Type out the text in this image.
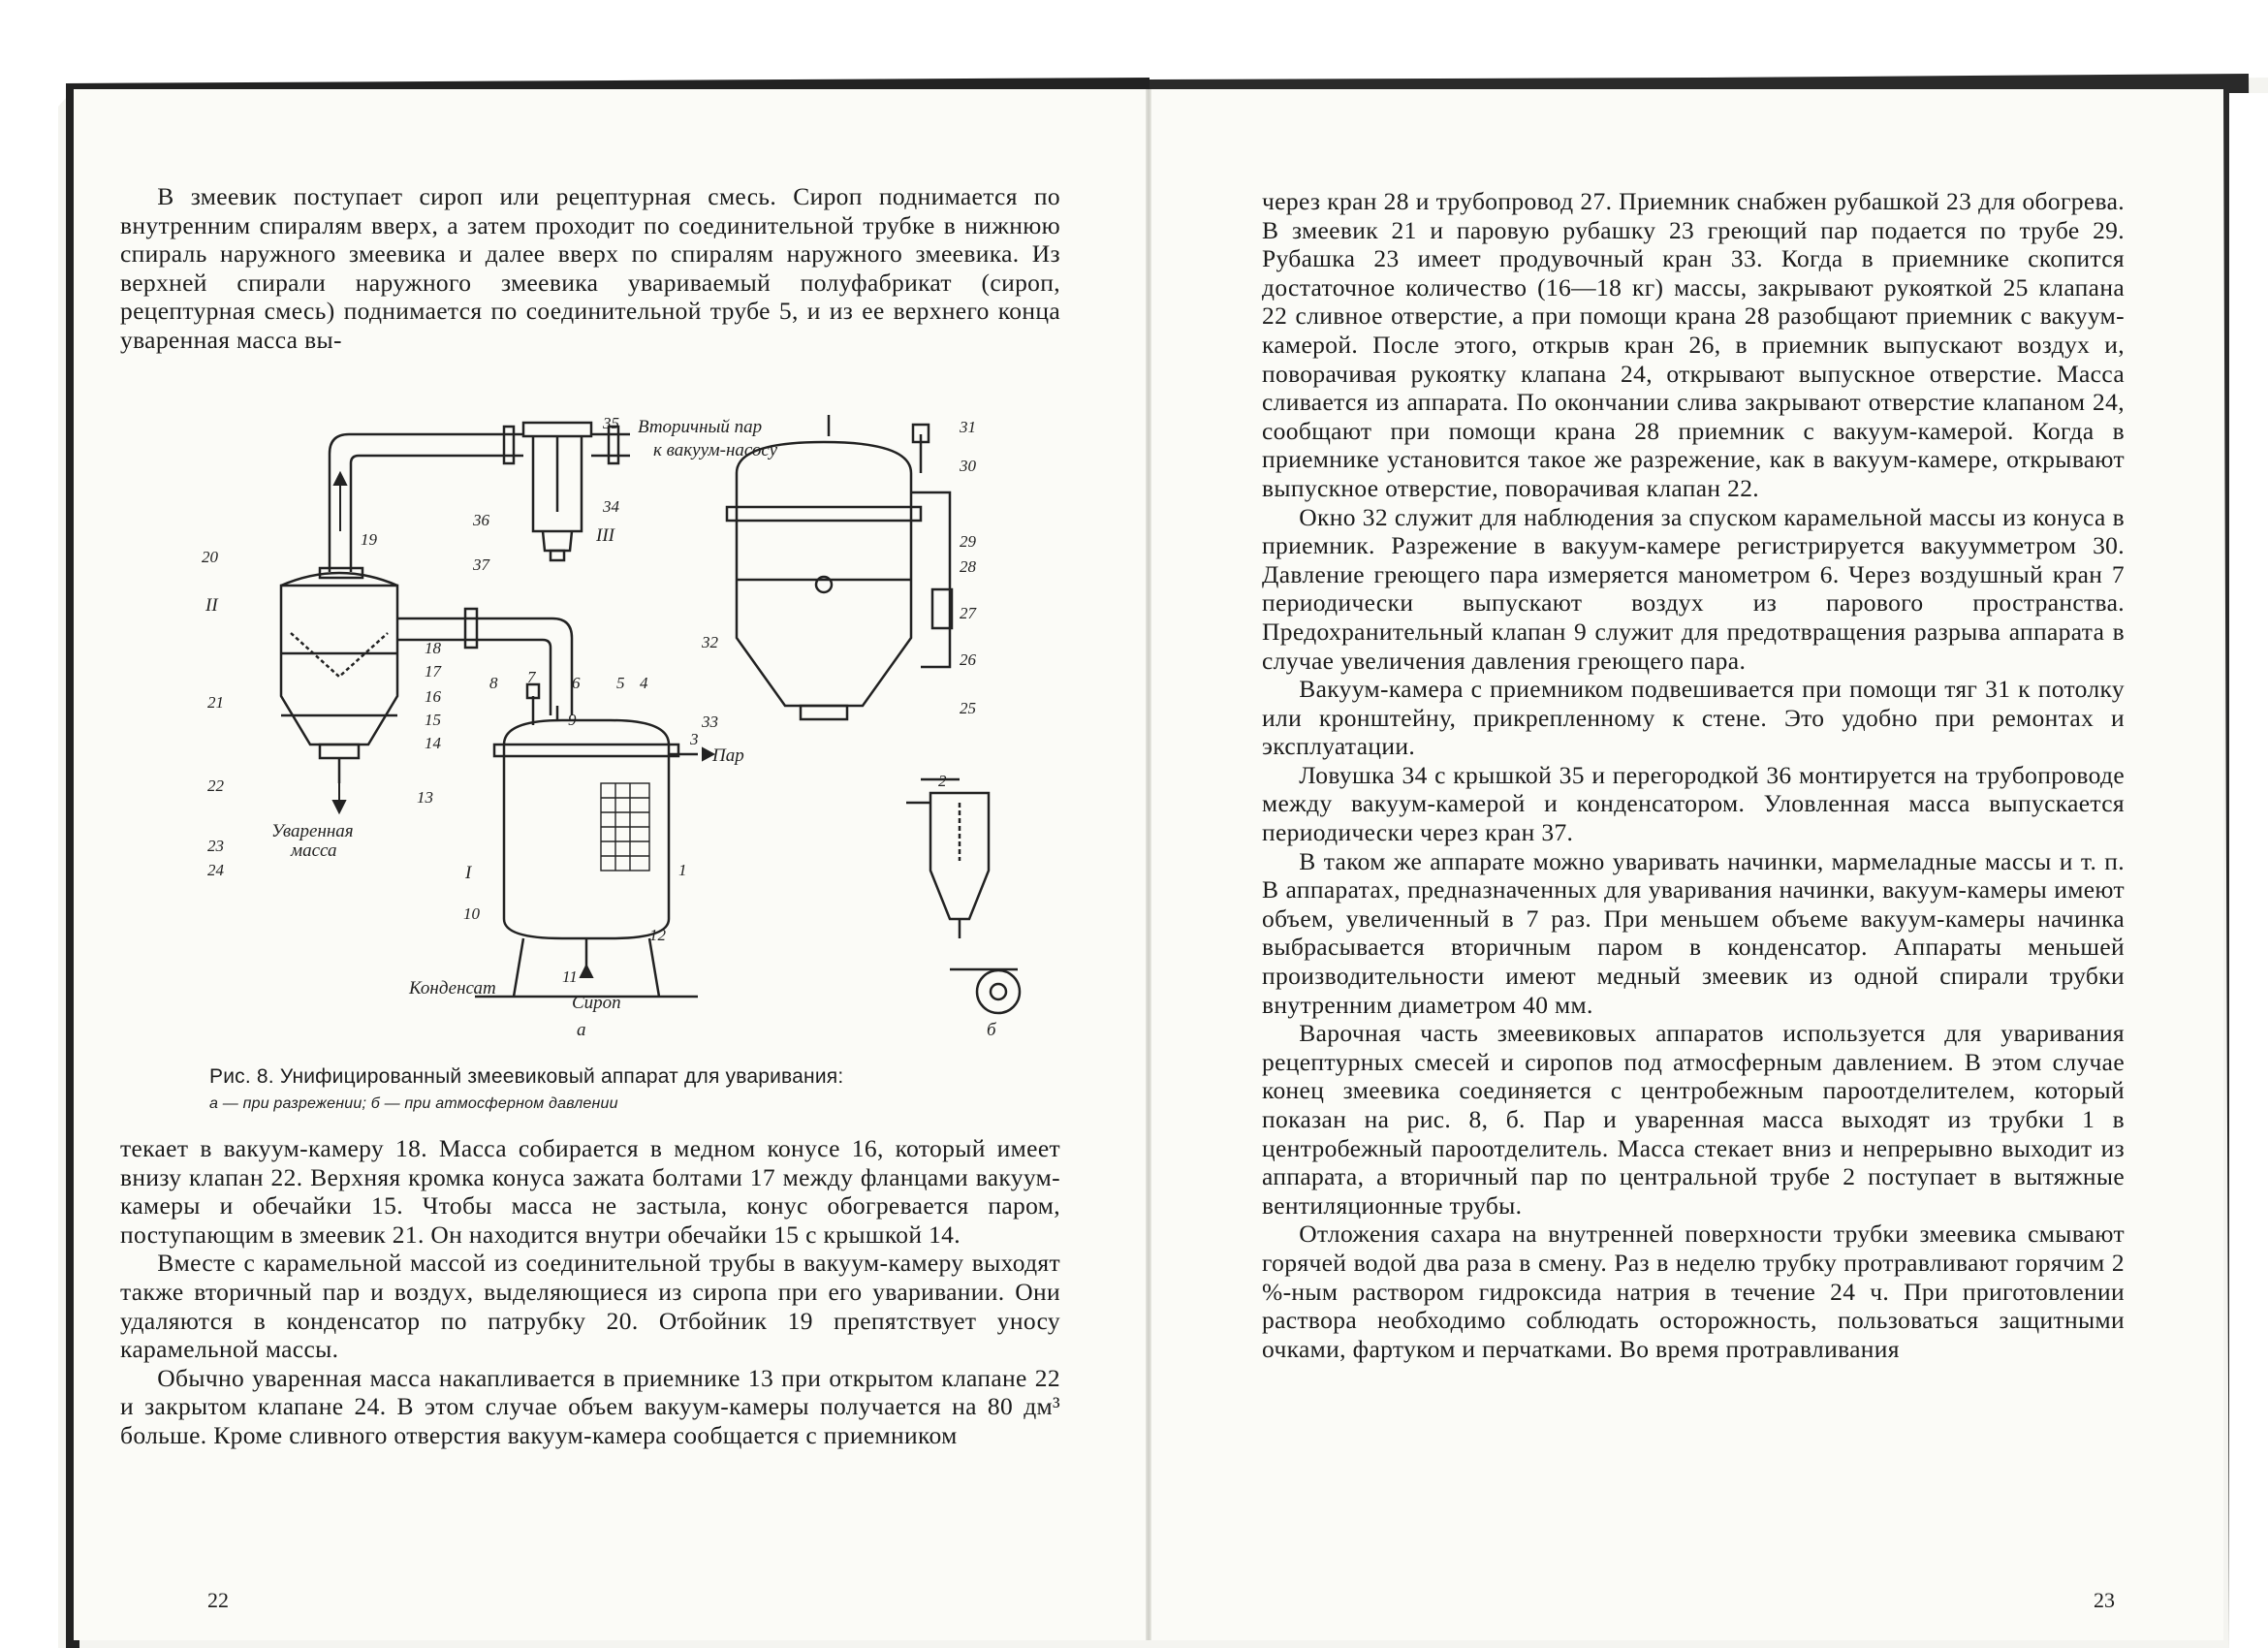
В змеевик поступает сироп или рецептурная смесь. Сироп поднимается по внутренним спиралям вверх, а затем проходит по соединительной трубке в нижнюю спираль наружного змеевика и далее вверх по спиралям наружного змеевика. Из верхней спирали наружного змеевика увариваемый полуфабрикат (сироп, рецептурная смесь) поднимается по соединительной трубе 5, и из ее верхнего конца уваренная масса вы-

Вторичный пар
к вакуум-насосу
Пар
Уваренная
масса
Конденсат
Сироп
а	б
I
II
III
1
2
3
4
5
6
7
8
9
10
11
12
13
14
15
16
17
18
19
20
21
22
23
24
25
26
27
28
29
30
31
32
33
34
35
36
37
Рис. 8. Унифицированный змеевиковый аппарат для уваривания:
а — при разрежении; б — при атмосферном давлении

текает в вакуум-камеру 18. Масса собирается в медном конусе 16, который имеет внизу клапан 22. Верхняя кромка конуса зажата болтами 17 между фланцами вакуум-камеры и обечайки 15. Чтобы масса не застыла, конус обогревается паром, поступающим в змеевик 21. Он находится внутри обечайки 15 с крышкой 14.

Вместе с карамельной массой из соединительной трубы в вакуум-камеру выходят также вторичный пар и воздух, выделяющиеся из сиропа при его уваривании. Они удаляются в конденсатор по патрубку 20. Отбойник 19 препятствует уносу карамельной массы.

Обычно уваренная масса накапливается в приемнике 13 при открытом клапане 22 и закрытом клапане 24. В этом случае объем вакуум-камеры получается на 80 дм³ больше. Кроме сливного отверстия вакуум-камера сообщается с приемником

через кран 28 и трубопровод 27. Приемник снабжен рубашкой 23 для обогрева. В змеевик 21 и паровую рубашку 23 греющий пар подается по трубе 29. Рубашка 23 имеет продувочный кран 33. Когда в приемнике скопится достаточное количество (16—18 кг) массы, закрывают рукояткой 25 клапана 22 сливное отверстие, а при помощи крана 28 разобщают приемник с вакуум-камерой. После этого, открыв кран 26, в приемник выпускают воздух и, поворачивая рукоятку клапана 24, открывают выпускное отверстие. Масса сливается из аппарата. По окончании слива закрывают отверстие клапаном 24, сообщают при помощи крана 28 приемник с вакуум-камерой. Когда в приемнике установится такое же разрежение, как в вакуум-камере, открывают выпускное отверстие, поворачивая клапан 22.

Окно 32 служит для наблюдения за спуском карамельной массы из конуса в приемник. Разрежение в вакуум-камере регистрируется вакуумметром 30. Давление греющего пара измеряется манометром 6. Через воздушный кран 7 периодически выпускают воздух из парового пространства. Предохранительный клапан 9 служит для предотвращения разрыва аппарата в случае увеличения давления греющего пара.

Вакуум-камера с приемником подвешивается при помощи тяг 31 к потолку или кронштейну, прикрепленному к стене. Это удобно при ремонтах и эксплуатации.

Ловушка 34 с крышкой 35 и перегородкой 36 монтируется на трубопроводе между вакуум-камерой и конденсатором. Уловленная масса выпускается периодически через кран 37.

В таком же аппарате можно уваривать начинки, мармеладные массы и т. п. В аппаратах, предназначенных для уваривания начинки, вакуум-камеры имеют объем, увеличенный в 7 раз. При меньшем объеме вакуум-камеры начинка выбрасывается вторичным паром в конденсатор. Аппараты меньшей производительности имеют медный змеевик из одной спирали трубки внутренним диаметром 40 мм.

Варочная часть змеевиковых аппаратов используется для уваривания рецептурных смесей и сиропов под атмосферным давлением. В этом случае конец змеевика соединяется с центробежным пароотделителем, который показан на рис. 8, б. Пар и уваренная масса выходят из трубки 1 в центробежный пароотделитель. Масса стекает вниз и непрерывно выходит из аппарата, а вторичный пар по центральной трубе 2 поступает в вытяжные вентиляционные трубы.

Отложения сахара на внутренней поверхности трубки змеевика смывают горячей водой два раза в смену. Раз в неделю трубку протравливают горячим 2 %-ным раствором гидроксида натрия в течение 24 ч. При приготовлении раствора необходимо соблюдать осторожность, пользоваться защитными очками, фартуком и перчатками. Во время протравливания

22	23
